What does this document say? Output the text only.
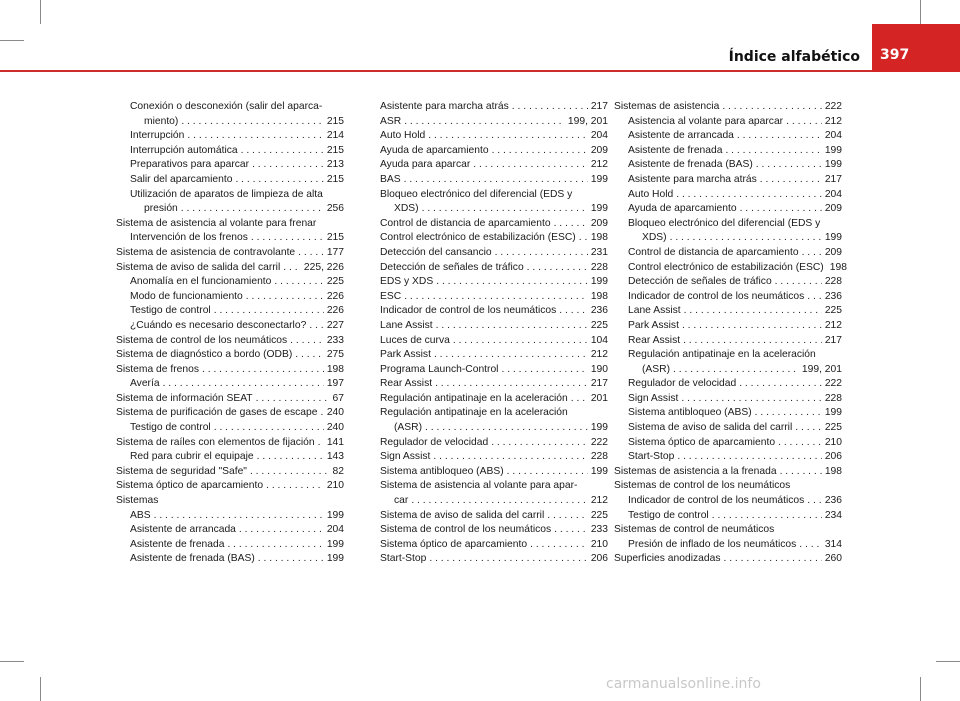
Índice alfabético 397
Conexión o desconexión (salir del aparca-
miento) . . .	215
Interrupción . . .	214
Interrupción automática . . .	215
Preparativos para aparcar . . .	213
Salir del aparcamiento . . .	215
Utilización de aparatos de limpieza de alta
presión . . .	256
Sistema de asistencia al volante para frenar
Intervención de los frenos . . .	215
Sistema de asistencia de contravolante . . .	177
Sistema de aviso de salida del carril . . . 225, 226
Anomalía en el funcionamiento . . .	225
Modo de funcionamiento . . .	226
Testigo de control . . .	226
¿Cuándo es necesario desconectarlo? . . . 227
Sistema de control de los neumáticos . . .	233
Sistema de diagnóstico a bordo (ODB) . . .	275
Sistema de frenos . . .	198
Avería . . .	197
Sistema de información SEAT . . .	67
Sistema de purificación de gases de escape . . . 240
Testigo de control . . .	240
Sistema de raíles con elementos de fijación . . . 141
Red para cubrir el equipaje . . .	143
Sistema de seguridad "Safe" . . .	82
Sistema óptico de aparcamiento . . .	210
Sistemas
ABS . . .	199
Asistente de arrancada . . .	204
Asistente de frenada . . .	199
Asistente de frenada (BAS) . . .	199
Asistente para marcha atrás . . .	217
ASR . . .	199, 201
Auto Hold . . .	204
Ayuda de aparcamiento . . .	209
Ayuda para aparcar . . .	212
BAS . . .	199
Bloqueo electrónico del diferencial (EDS y
XDS) . . .	199
Control de distancia de aparcamiento . . .	209
Control electrónico de estabilización (ESC) . . . 198
Detección del cansancio . . .	231
Detección de señales de tráfico . . .	228
EDS y XDS . . .	199
ESC . . .	198
Indicador de control de los neumáticos . . .	236
Lane Assist . . .	225
Luces de curva . . .	104
Park Assist . . .	212
Programa Launch-Control . . .	190
Rear Assist . . .	217
Regulación antipatinaje en la aceleración . . . 201
Regulación antipatinaje en la aceleración
(ASR) . . .	199
Regulador de velocidad . . .	222
Sign Assist . . .	228
Sistema antibloqueo (ABS) . . .	199
Sistema de asistencia al volante para apar-
car . . .	212
Sistema de aviso de salida del carril . . .	225
Sistema de control de los neumáticos . . .	233
Sistema óptico de aparcamiento . . .	210
Start-Stop . . .	206
Sistemas de asistencia . . .	222
Asistencia al volante para aparcar . . .	212
Asistente de arrancada . . .	204
Asistente de frenada . . .	199
Asistente de frenada (BAS) . . .	199
Asistente para marcha atrás . . .	217
Auto Hold . . .	204
Ayuda de aparcamiento . . .	209
Bloqueo electrónico del diferencial (EDS y
XDS) . . .	199
Control de distancia de aparcamiento . . .	209
Control electrónico de estabilización (ESC) 198
Detección de señales de tráfico . . .	228
Indicador de control de los neumáticos . . . 236
Lane Assist . . .	225
Park Assist . . .	212
Rear Assist . . .	217
Regulación antipatinaje en la aceleración
(ASR) . . .	199, 201
Regulador de velocidad . . .	222
Sign Assist . . .	228
Sistema antibloqueo (ABS) . . .	199
Sistema de aviso de salida del carril . . .	225
Sistema óptico de aparcamiento . . .	210
Start-Stop . . .	206
Sistemas de asistencia a la frenada . . .	198
Sistemas de control de los neumáticos
Indicador de control de los neumáticos . . . 236
Testigo de control . . .	234
Sistemas de control de neumáticos
Presión de inflado de los neumáticos . . .	314
Superficies anodizadas . . .	260
carmanualsonline.info
